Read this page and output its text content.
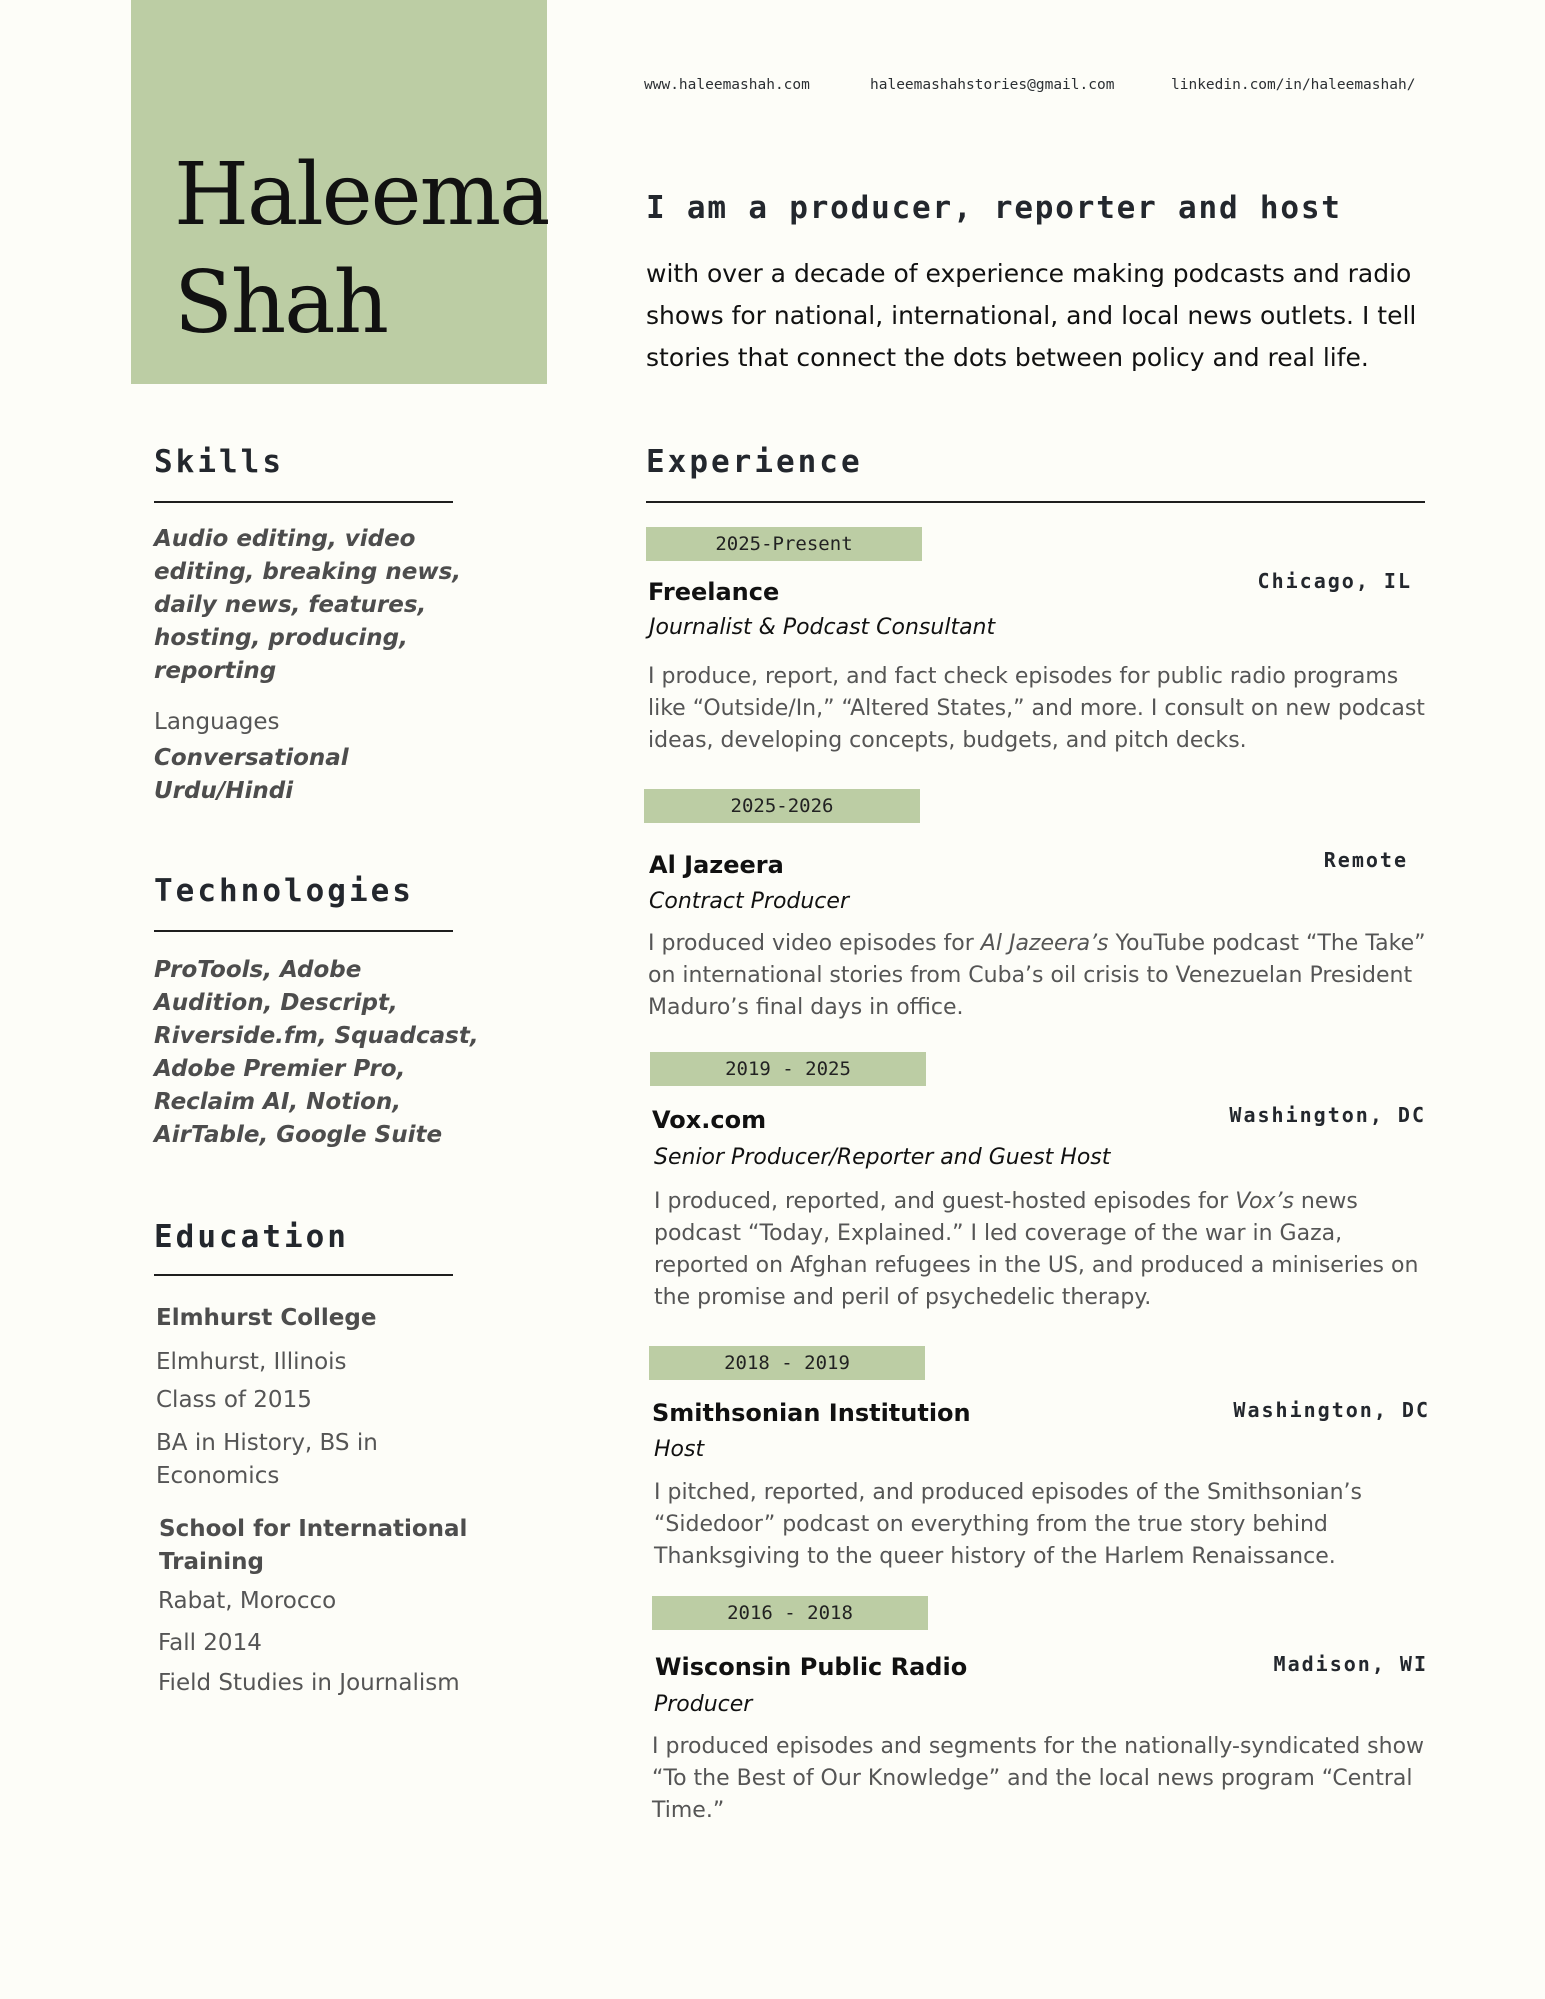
Haleema
Shah
www.haleemashah.com	haleemashahstories@gmail.com	linkedin.com/in/haleemashah/
I am a producer, reporter and host
with over a decade of experience making podcasts and radio shows for national, international, and local news outlets. I tell stories that connect the dots between policy and real life.
Skills
Audio editing, video editing, breaking news, daily news, features, hosting, producing, reporting
Languages
Conversational Urdu/Hindi
Technologies
ProTools, Adobe Audition, Descript, Riverside.fm, Squadcast, Adobe Premier Pro, Reclaim AI, Notion, AirTable, Google Suite
Education
Elmhurst College
Elmhurst, Illinois
Class of 2015
BA in History, BS in Economics
School for International Training
Rabat, Morocco
Fall 2014
Field Studies in Journalism
Experience
2025-Present
Freelance	Chicago, IL
Journalist & Podcast Consultant
I produce, report, and fact check episodes for public radio programs like “Outside/In,” “Altered States,” and more. I consult on new podcast ideas, developing concepts, budgets, and pitch decks.
2025-2026
Al Jazeera	Remote
Contract Producer
I produced video episodes for Al Jazeera’s YouTube podcast “The Take” on international stories from Cuba’s oil crisis to Venezuelan President Maduro’s final days in office.
2019 - 2025
Vox.com	Washington, DC
Senior Producer/Reporter and Guest Host
I produced, reported, and guest-hosted episodes for Vox’s news podcast “Today, Explained.” I led coverage of the war in Gaza, reported on Afghan refugees in the US, and produced a miniseries on the promise and peril of psychedelic therapy.
2018 - 2019
Smithsonian Institution	Washington, DC
Host
I pitched, reported, and produced episodes of the Smithsonian’s “Sidedoor” podcast on everything from the true story behind Thanksgiving to the queer history of the Harlem Renaissance.
2016 - 2018
Wisconsin Public Radio	Madison, WI
Producer
I produced episodes and segments for the nationally-syndicated show “To the Best of Our Knowledge” and the local news program “Central Time.”
